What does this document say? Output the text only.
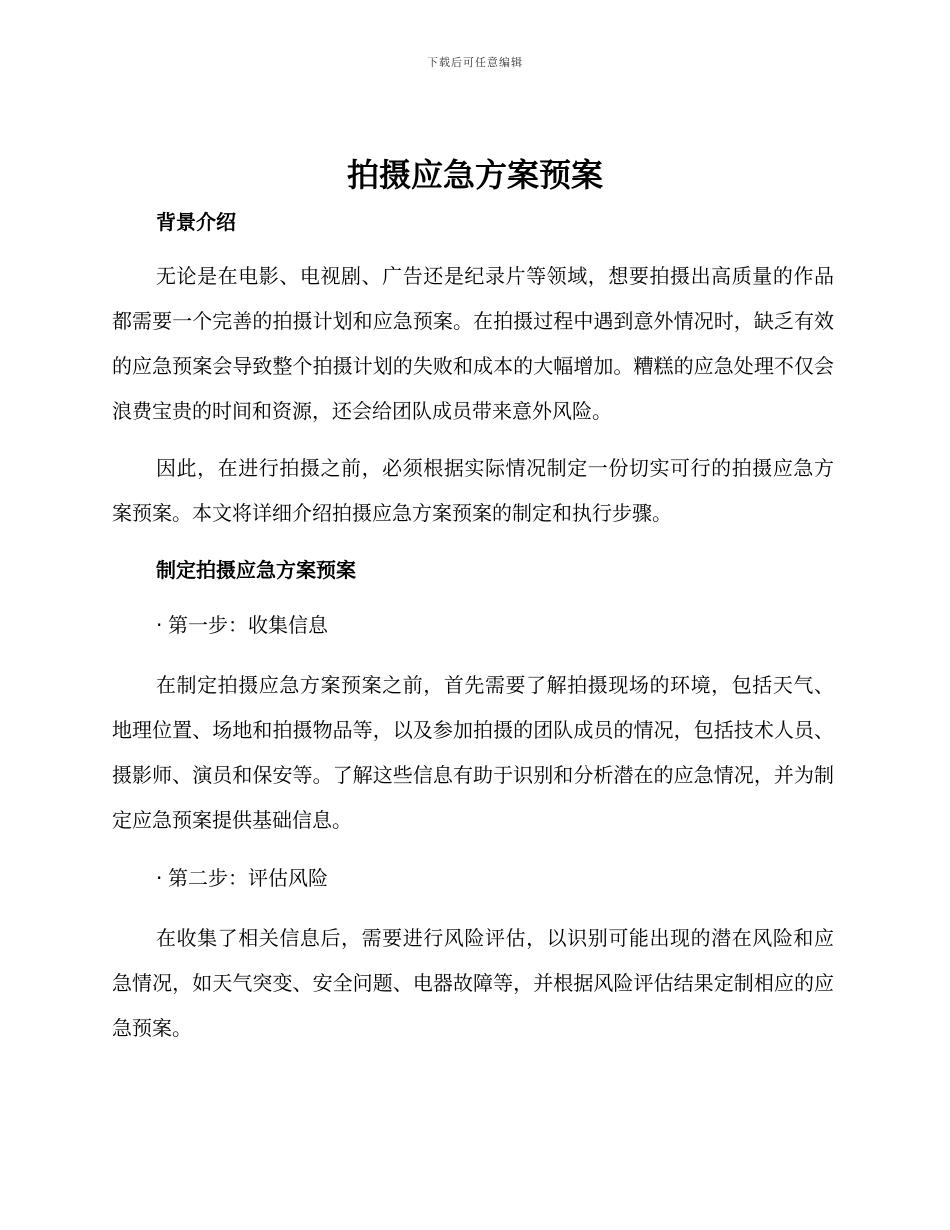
下载后可任意编辑
拍摄应急方案预案

背景介绍

无论是在电影、电视剧、广告还是纪录片等领域，想要拍摄出高质量的作品都需要一个完善的拍摄计划和应急预案。在拍摄过程中遇到意外情况时，缺乏有效的应急预案会导致整个拍摄计划的失败和成本的大幅增加。糟糕的应急处理不仅会浪费宝贵的时间和资源，还会给团队成员带来意外风险。

因此，在进行拍摄之前，必须根据实际情况制定一份切实可行的拍摄应急方案预案。本文将详细介绍拍摄应急方案预案的制定和执行步骤。

制定拍摄应急方案预案

· 第一步：收集信息

在制定拍摄应急方案预案之前，首先需要了解拍摄现场的环境，包括天气、地理位置、场地和拍摄物品等，以及参加拍摄的团队成员的情况，包括技术人员、摄影师、演员和保安等。了解这些信息有助于识别和分析潜在的应急情况，并为制定应急预案提供基础信息。

· 第二步：评估风险

在收集了相关信息后，需要进行风险评估，以识别可能出现的潜在风险和应急情况，如天气突变、安全问题、电器故障等，并根据风险评估结果定制相应的应急预案。
